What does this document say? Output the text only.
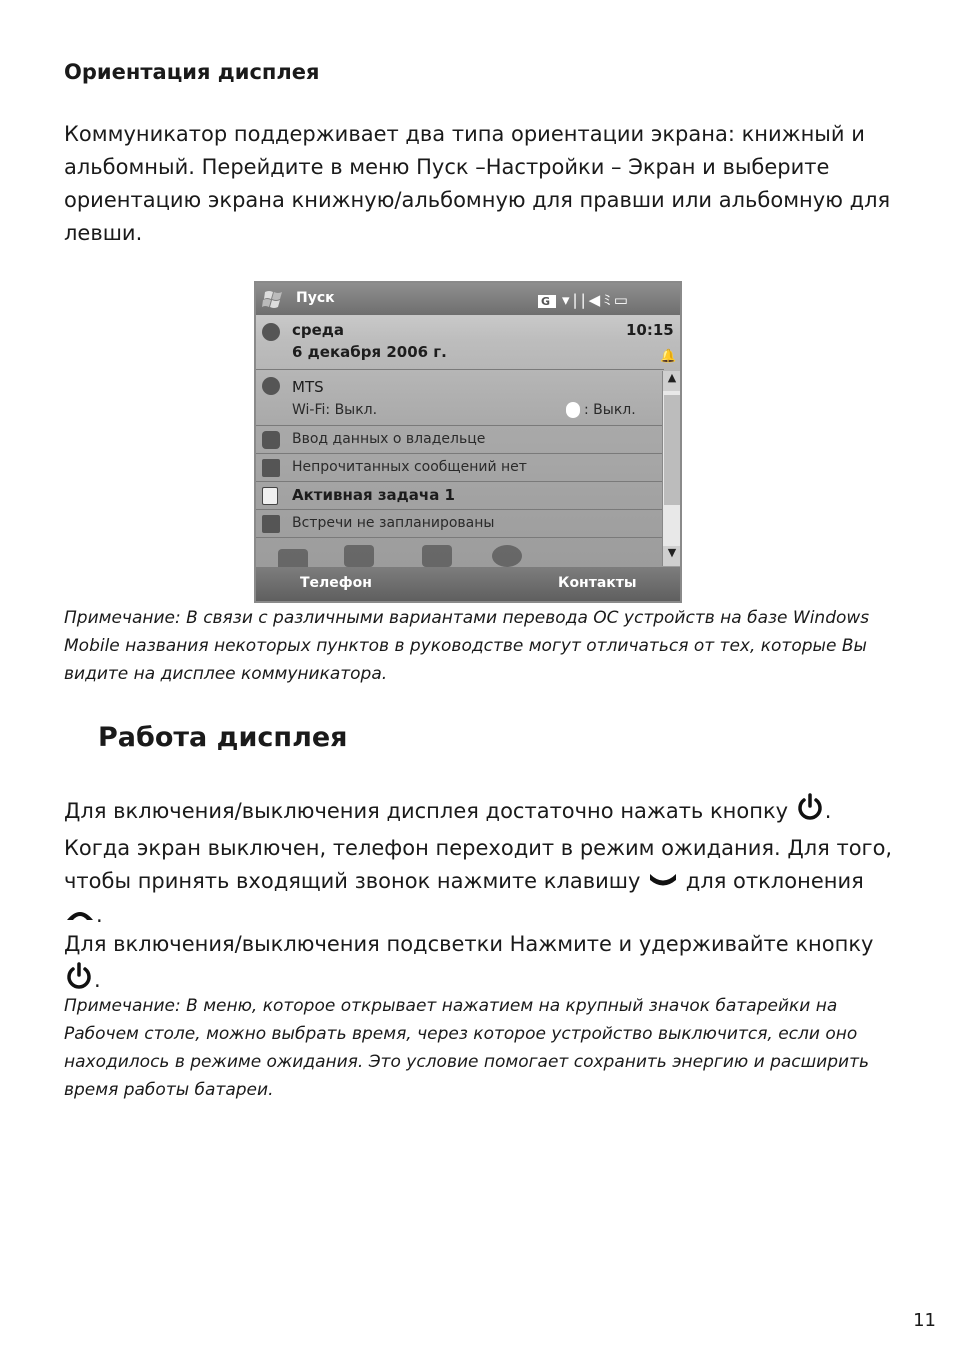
Ориентация дисплея
Коммуникатор поддерживает два типа ориентации экрана: книжный и альбомный. Перейдите в меню Пуск –Настройки – Экран и выберите ориентацию экрана книжную/альбомную для правши или альбомную для левши.
Пуск	G ▾||◀ﾐ▭
среда
6 декабря 2006 г.
10:15
🔔
MTS
Wi-Fi: Выкл.	: Выкл.
Ввод данных о владельце
Непрочитанных сообщений нет
Активная задача 1
Встречи не запланированы
▲
▼
Телефон	Контакты
Примечание: В связи с различными вариантами перевода ОС устройств на базе Windows Mobile названия некоторых пунктов в руководстве могут отличаться от тех, которые Вы видите на дисплее коммуникатора.
Работа дисплея
Для включения/выключения дисплея достаточно нажать кнопку . Когда экран выключен, телефон переходит в режим ожидания. Для того, чтобы принять входящий звонок нажмите клавишу для отклонения .
Для включения/выключения подсветки Нажмите и удерживайте кнопку .
Примечание: В меню, которое открывает нажатием на крупный значок батарейки на Рабочем столе, можно выбрать время, через которое устройство выключится, если оно находилось в режиме ожидания. Это условие помогает сохранить энергию и расширить время работы батареи.
11
